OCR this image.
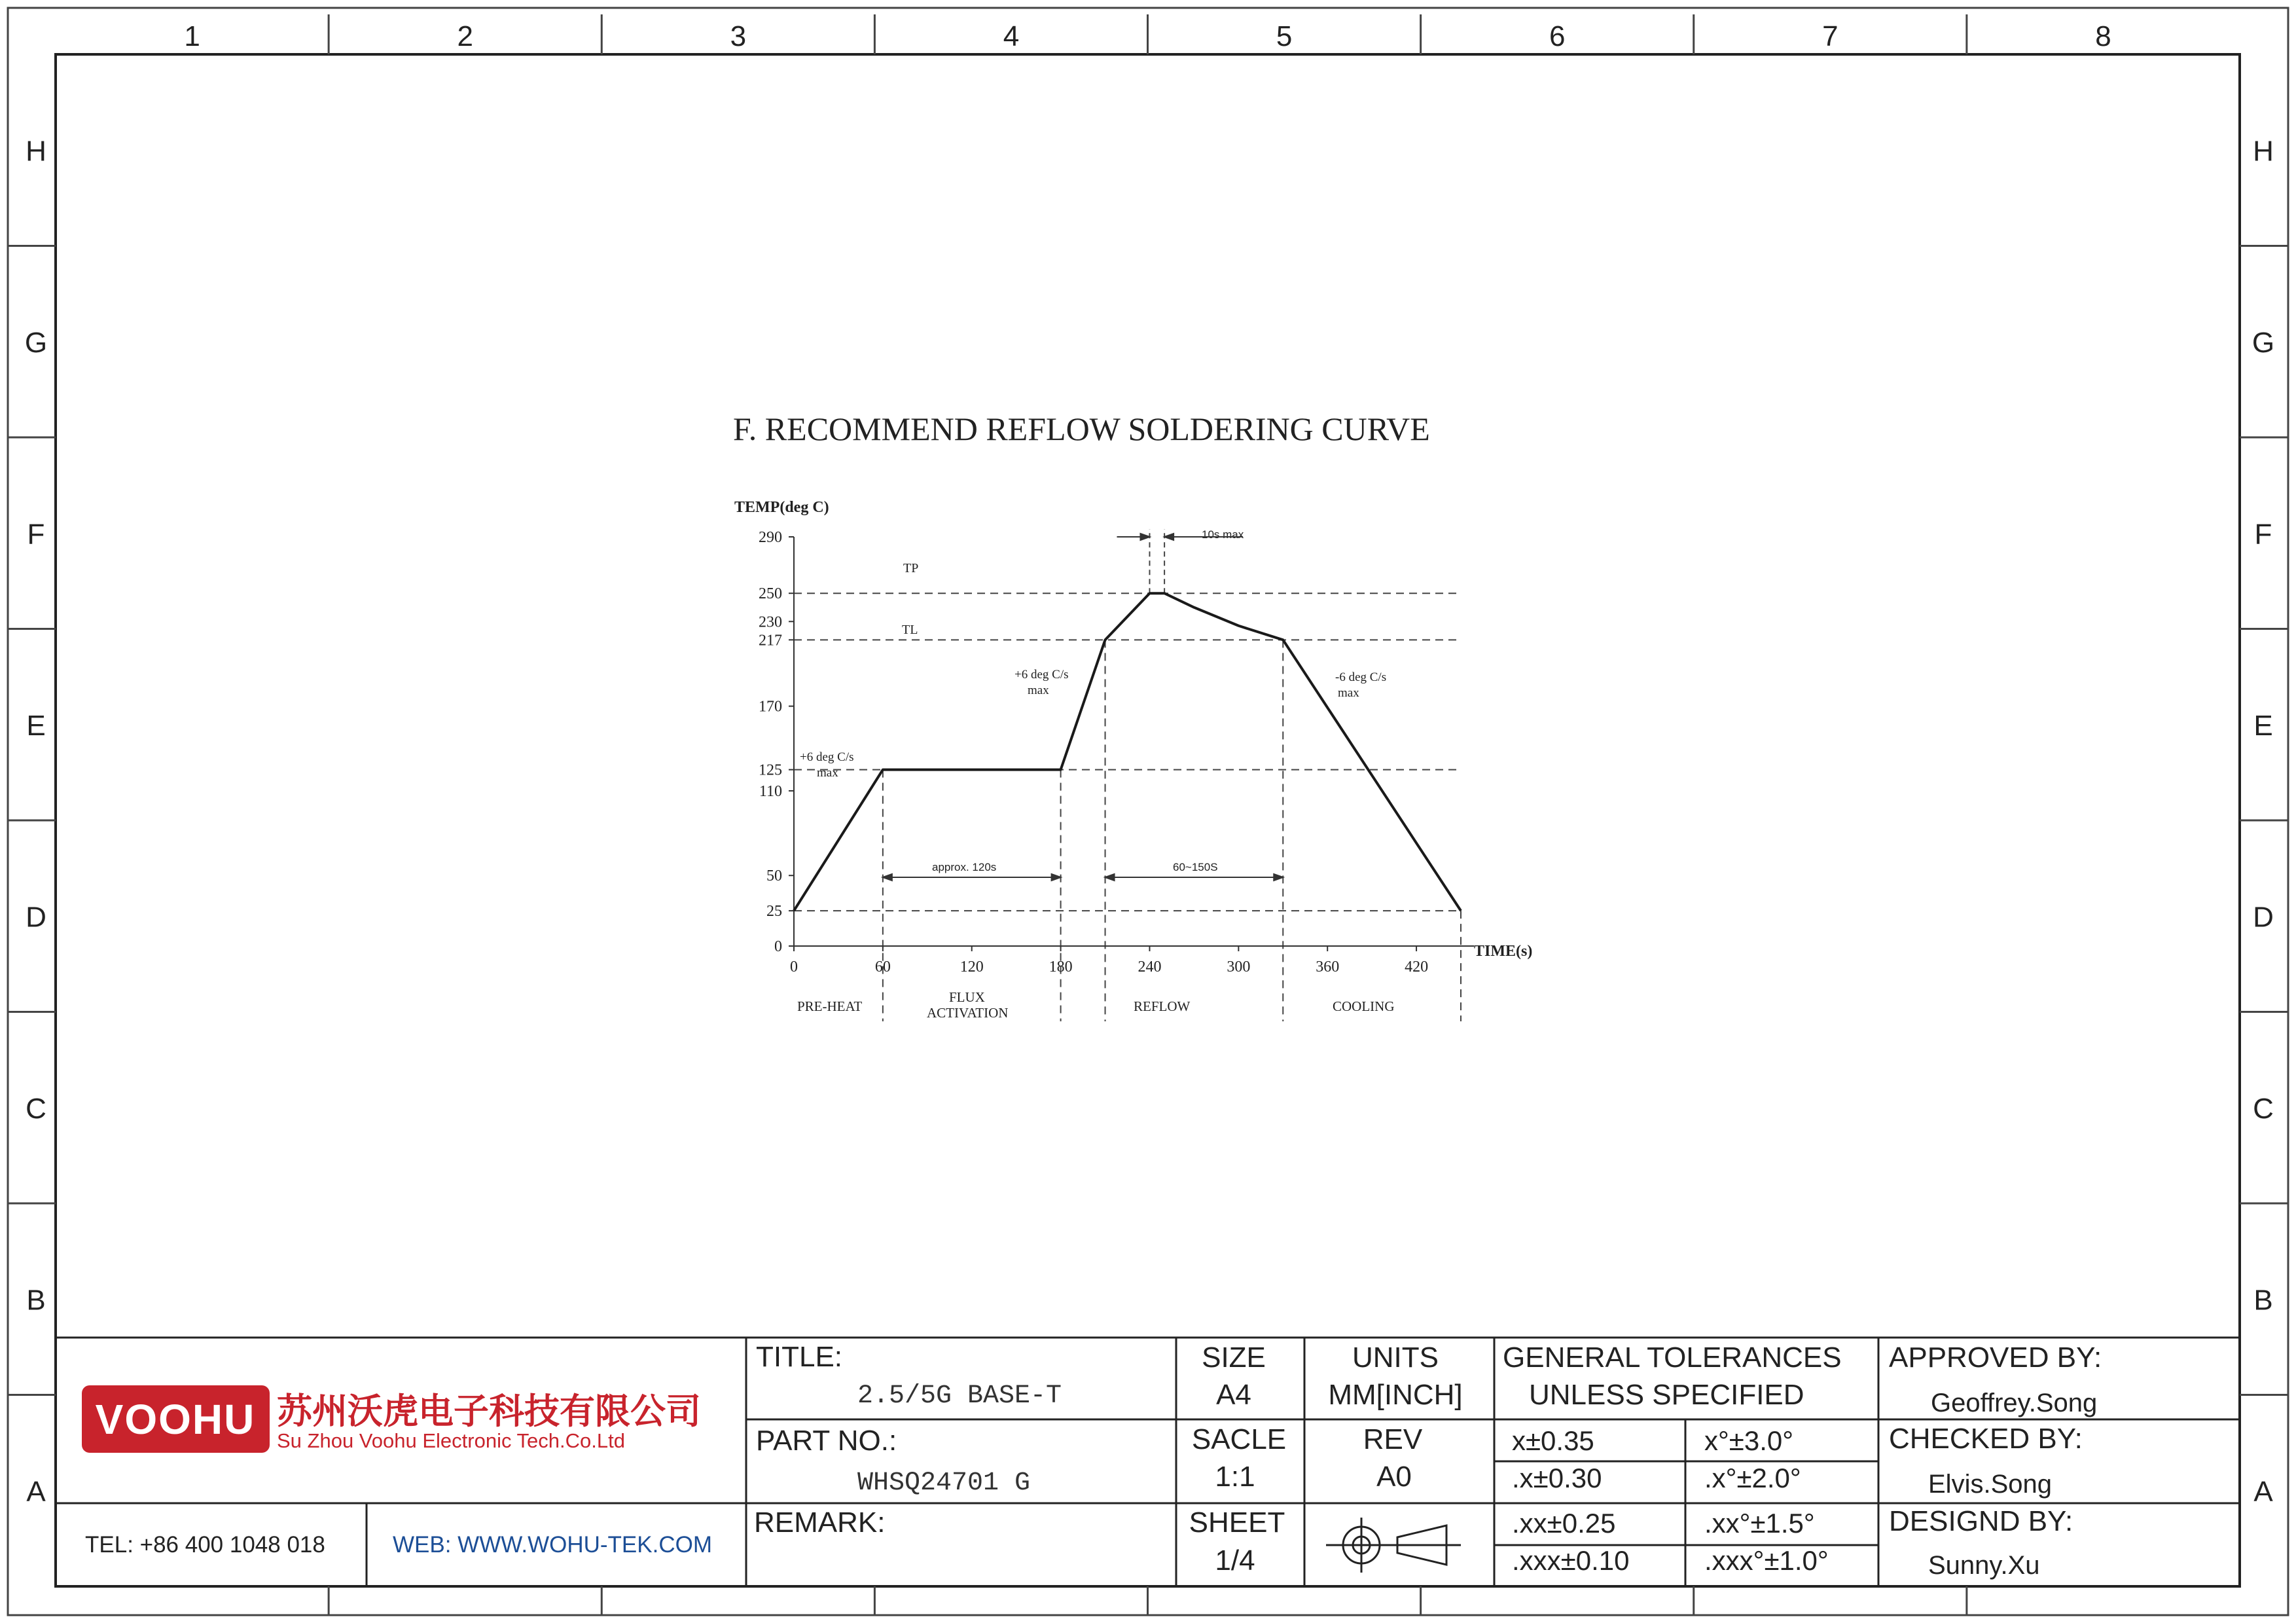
1	2	3	4	5	6	7	8
H	H
G	G
F	F
E	E
D	D
C	C
B	B
A	A
F. RECOMMEND REFLOW SOLDERING CURVE
TEMP(deg C)
TIME(s)
0
25
50
110
125
170
217
230
250
290
0	60	120	180	240	300	360	420
TP
TL
+6 deg C/s
max
+6 deg C/s
max
-6 deg C/s
max
approx. 120s	60~150S
10s max
PRE-HEAT
FLUX
ACTIVATION	REFLOW	COOLING
VOOHU 苏州沃虎电子科技有限公司
Su Zhou Voohu Electronic Tech.Co.Ltd
TEL: +86 400 1048 018	WEB: WWW.WOHU-TEK.COM
TITLE:
2.5/5G BASE-T
PART NO.:
WHSQ24701 G
REMARK:
SIZE
A4
UNITS
MM[INCH]
SACLE
1:1
REV
A0
SHEET
1/4
GENERAL TOLERANCES
UNLESS SPECIFIED
x±0.35	x°±3.0°
.x±0.30	.x°±2.0°
.xx±0.25	.xx°±1.5°
.xxx±0.10	.xxx°±1.0°
APPROVED BY:
Geoffrey.Song
CHECKED BY:
Elvis.Song
DESIGND BY:
Sunny.Xu
